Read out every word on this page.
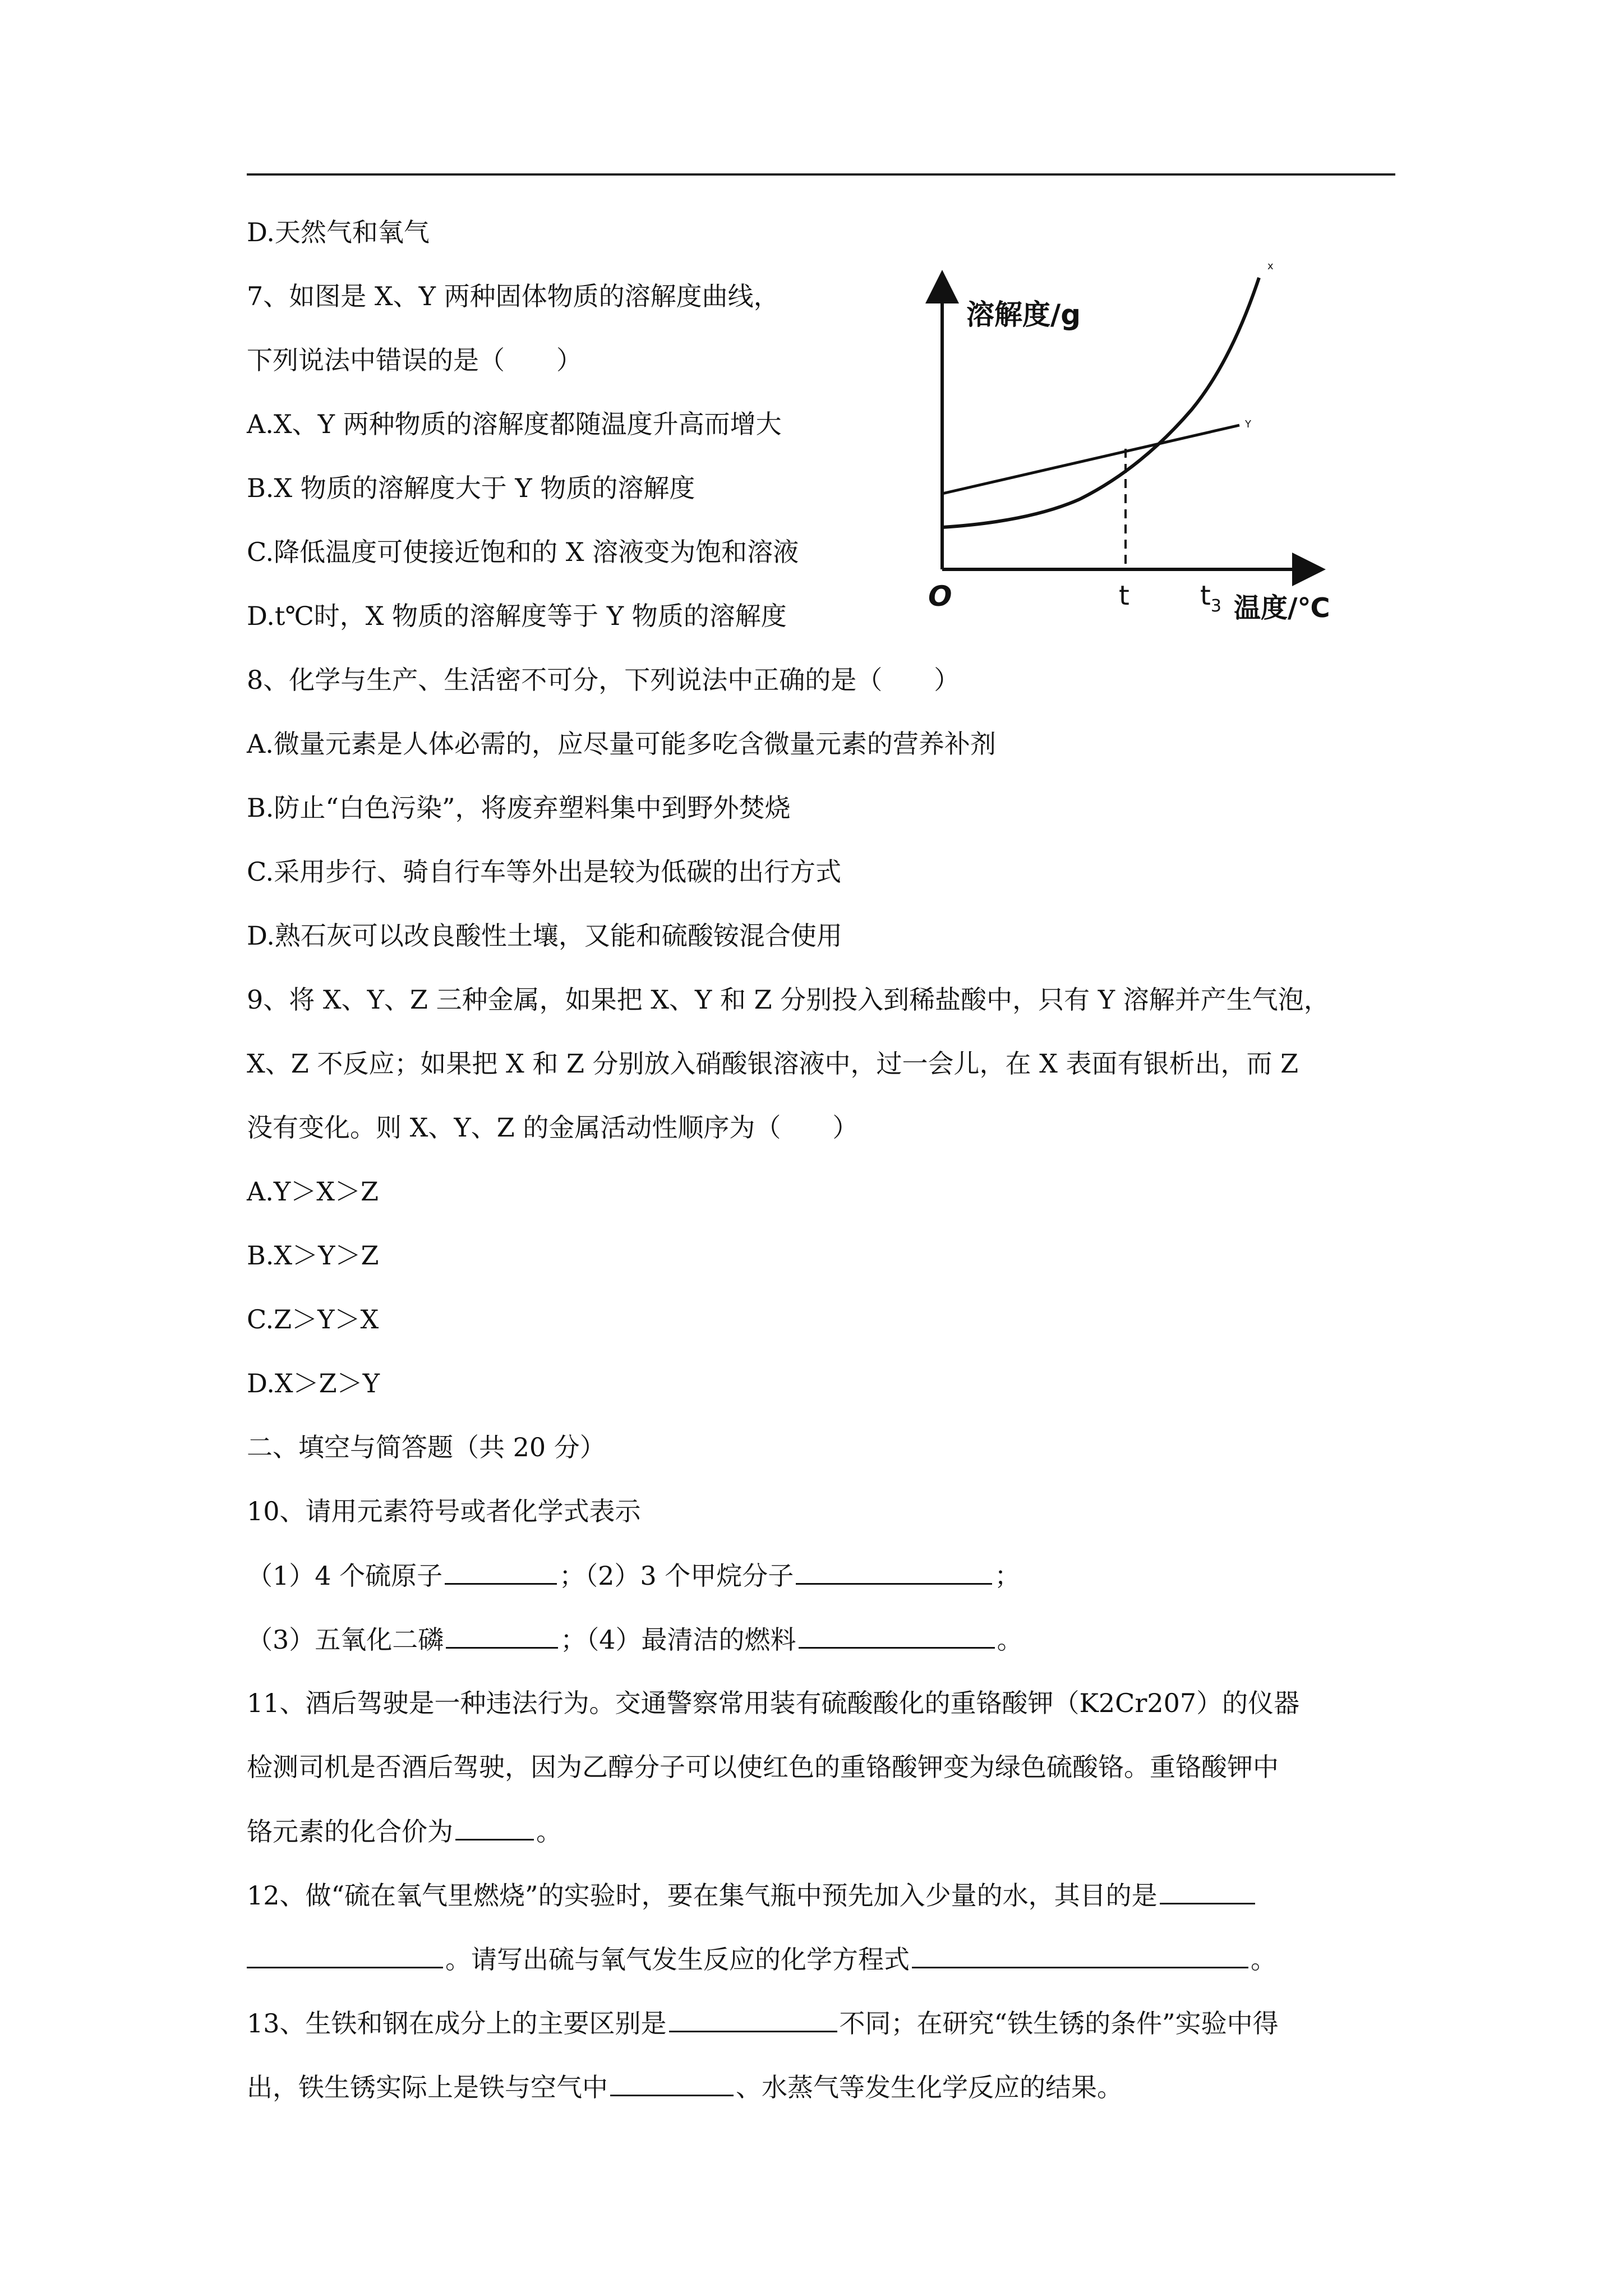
D.天然气和氧气
7、如图是 X、Y 两种固体物质的溶解度曲线，
下列说法中错误的是（　　）
A.X、Y 两种物质的溶解度都随温度升高而增大
B.X 物质的溶解度大于 Y 物质的溶解度
C.降低温度可使接近饱和的 X 溶液变为饱和溶液
D.t℃时，X 物质的溶解度等于 Y 物质的溶解度
8、化学与生产、生活密不可分，下列说法中正确的是（　　）
A.微量元素是人体必需的，应尽量可能多吃含微量元素的营养补剂
B.防止“白色污染”，将废弃塑料集中到野外焚烧
C.采用步行、骑自行车等外出是较为低碳的出行方式
D.熟石灰可以改良酸性土壤，又能和硫酸铵混合使用
9、将 X、Y、Z 三种金属，如果把 X、Y 和 Z 分别投入到稀盐酸中，只有 Y 溶解并产生气泡，
X、Z 不反应；如果把 X 和 Z 分别放入硝酸银溶液中，过一会儿，在 X 表面有银析出，而 Z
没有变化。则 X、Y、Z 的金属活动性顺序为（　　）
A.Y＞X＞Z
B.X＞Y＞Z
C.Z＞Y＞X
D.X＞Z＞Y
二、填空与简答题（共 20 分）
10、请用元素符号或者化学式表示
（1）4 个硫原子	；（2）3 个甲烷分子	；
（3）五氧化二磷	；（4）最清洁的燃料	。
11、酒后驾驶是一种违法行为。交通警察常用装有硫酸酸化的重铬酸钾（K2Cr207）的仪器
检测司机是否酒后驾驶，因为乙醇分子可以使红色的重铬酸钾变为绿色硫酸铬。重铬酸钾中
铬元素的化合价为	。
12、做“硫在氧气里燃烧”的实验时，要在集气瓶中预先加入少量的水，其目的是
。请写出硫与氧气发生反应的化学方程式	。
13、生铁和钢在成分上的主要区别是	不同；在研究“铁生锈的条件”实验中得
出，铁生锈实际上是铁与空气中	、水蒸气等发生化学反应的结果。
溶解度/g
O	t	$t_3$ 温度/℃
x
Y
